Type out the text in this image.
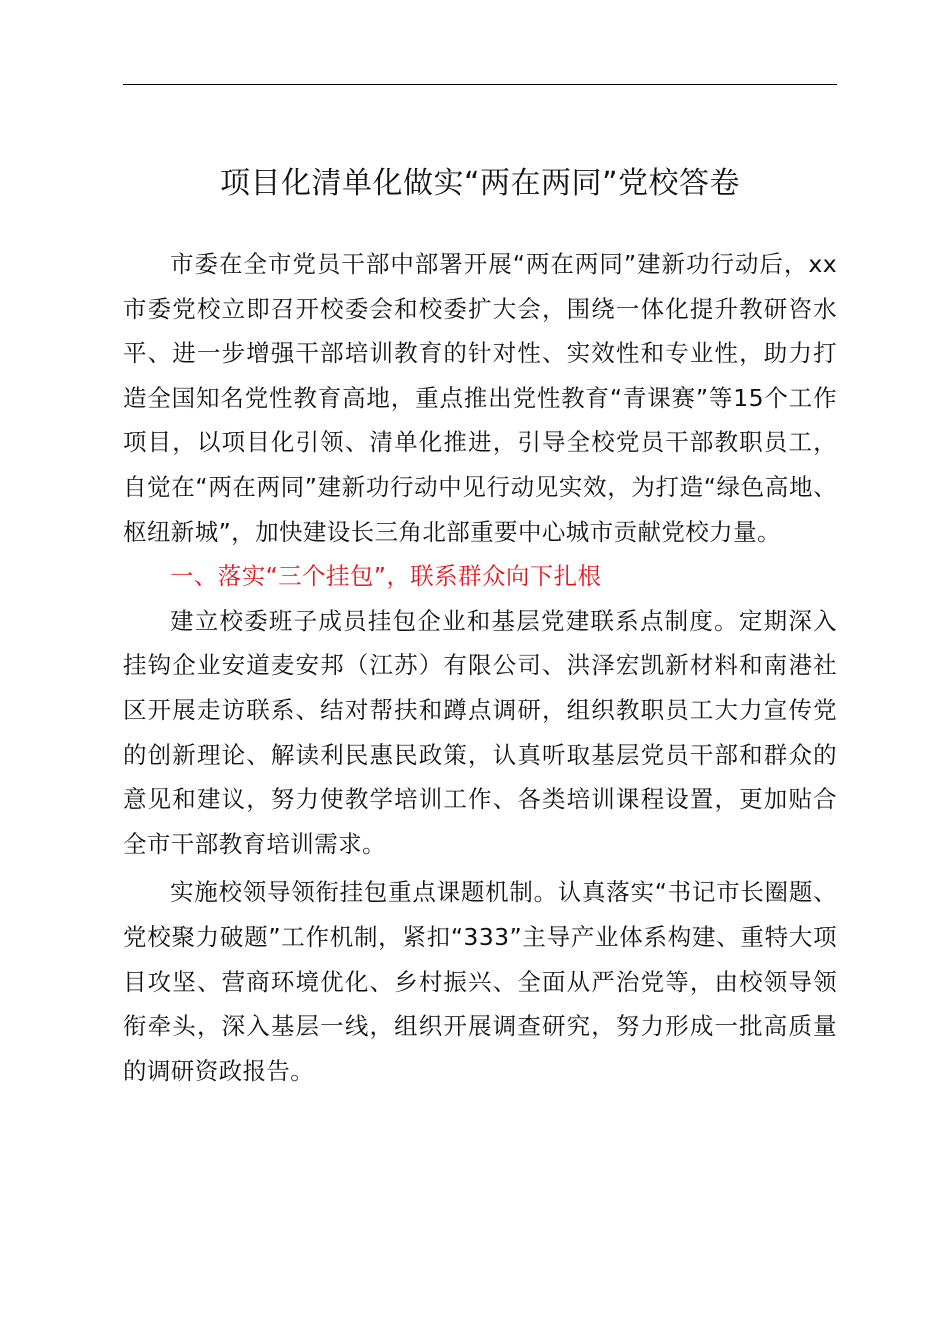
项目化清单化做实“两在两同”党校答卷

市委在全市党员干部中部署开展“两在两同”建新功行动后，xx市委党校立即召开校委会和校委扩大会，围绕一体化提升教研咨水平、进一步增强干部培训教育的针对性、实效性和专业性，助力打造全国知名党性教育高地，重点推出党性教育“青课赛”等15个工作项目，以项目化引领、清单化推进，引导全校党员干部教职员工，自觉在“两在两同”建新功行动中见行动见实效，为打造“绿色高地、枢纽新城”，加快建设长三角北部重要中心城市贡献党校力量。

一、落实“三个挂包”，联系群众向下扎根

建立校委班子成员挂包企业和基层党建联系点制度。定期深入挂钩企业安道麦安邦（江苏）有限公司、洪泽宏凯新材料和南港社区开展走访联系、结对帮扶和蹲点调研，组织教职员工大力宣传党的创新理论、解读利民惠民政策，认真听取基层党员干部和群众的意见和建议，努力使教学培训工作、各类培训课程设置，更加贴合全市干部教育培训需求。

实施校领导领衔挂包重点课题机制。认真落实“书记市长圈题、党校聚力破题”工作机制，紧扣“333”主导产业体系构建、重特大项目攻坚、营商环境优化、乡村振兴、全面从严治党等，由校领导领衔牵头，深入基层一线，组织开展调查研究，努力形成一批高质量的调研资政报告。
